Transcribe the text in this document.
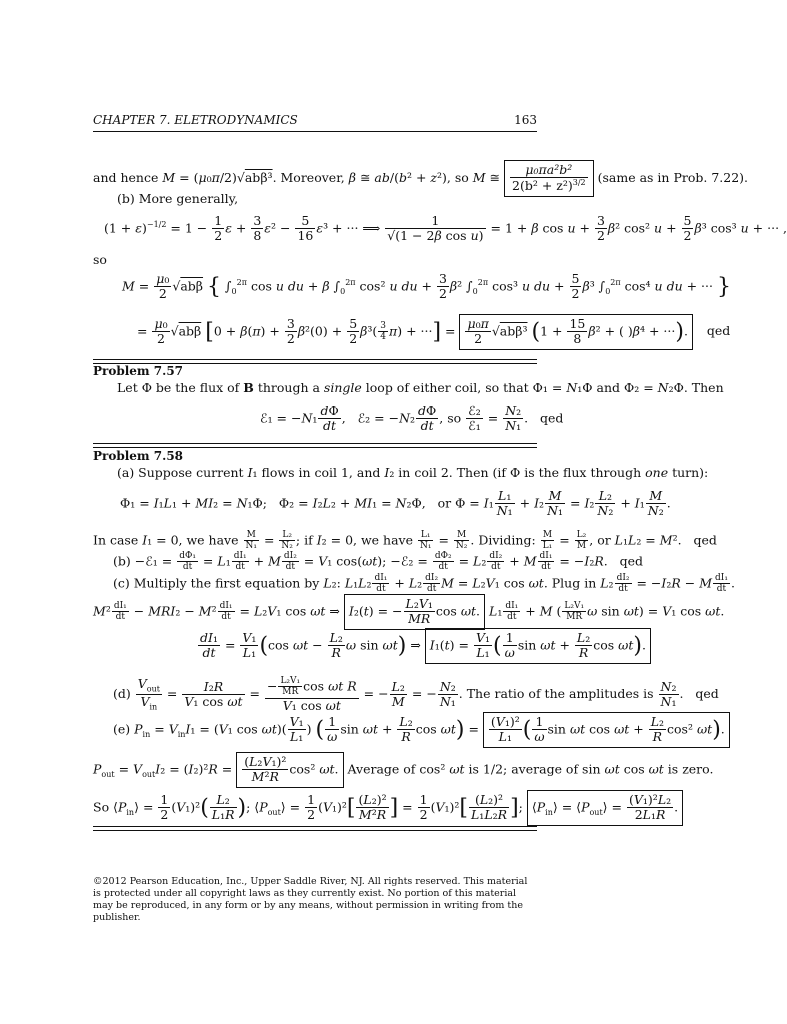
CHAPTER 7. ELETRODYNAMICS	163
and hence M = (μ₀π/2)√abβ³. Moreover, β ≅ ab/(b² + z²), so M ≅ $\frac{\text{μ₀πa²b²}}{2(b^2 + z^2)^{3/2}}$ (same as in Prob. 7.22).
(b) More generally,
$(1 + \varepsilon)^{-1/2} = 1 - \frac{1}{2}$ $\varepsilon + \frac{3}{8} \varepsilon^2 - \frac{5}{16} \varepsilon^3$ + ··· ⟹ $\frac{1}{\text{√(1 − 2β cos u)}} = 1 + \beta$ $\cos u + \frac{3}{2} \beta^2$ cos² $u + \frac{5}{2} \beta^3$ cos³ u + ··· ,
so
$M = \frac{\text{μ₀}}{2} √ab\beta$ { $\int_0^{2\pi}$ cos u du + β $\int_0^{2\pi}$ cos² u du + $\frac{3}{2} \beta^2$ $\int_0^{2\pi}$ cos³ u du + $\frac{5}{2} \beta^3$ $\int_0^{2\pi}$ cos⁴ u du + ··· }
= $\frac{\text{μ₀}}{2} √ab\beta$ [$0 + \beta(\pi) + \frac{3}{2} \beta^2(0) + \frac{5}{2} \beta^3( \frac{3}{4} \pi)$ + ···] = $\frac{\text{μ₀π}}{2} √ab\beta^3$ ($1 + \frac{15}{8} \beta^2$ + ( )β⁴ + ···). qed
Problem 7.57
Let Φ be the flux of B through a single loop of either coil, so that Φ₁ = N₁Φ and Φ₂ = N₂Φ. Then
ℰ₁ = $-N_1 \frac{d\Phi}{dt}$ ,   ℰ₂ = $-N_2 \frac{d\Phi}{dt}$ , so $\frac{\text{ℰ₂}}{\text{ℰ₁}} = \frac{\text{N₂}}{\text{N₁}}$ .   qed
Problem 7.58
(a) Suppose current I₁ flows in coil 1, and I₂ in coil 2. Then (if Φ is the flux through one turn):
Φ₁ = I₁L₁ + MI₂ = N₁Φ;   Φ₂ = I₂L₂ + MI₁ = N₂Φ,   or $\Phi = I_1 \frac{\text{L₁}}{\text{N₁}} + I_2 \frac{M}{\text{N₁}} = I_2 \frac{\text{L₂}}{\text{N₂}} + I_1 \frac{M}{\text{N₂}}$ .
In case I₁ = 0, we have $\frac{M}{\text{N₁}} = \frac{\text{L₂}}{\text{N₂}}$ ; if I₂ = 0, we have $\frac{\text{L₁}}{\text{N₁}} = \frac{M}{\text{N₂}}$ . Dividing: $\frac{M}{\text{L₁}} = \frac{\text{L₂}}{M}$ , or L₁L₂ = M².   qed
(b) −ℰ₁ = $\frac{\text{dΦ₁}}{dt} = L_1 \frac{\text{dI₁}}{dt} + M \frac{\text{dI₂}}{dt} = V_1$ cos(ωt); −ℰ₂ = $\frac{\text{dΦ₂}}{dt} = L_2 \frac{\text{dI₂}}{dt} + M \frac{\text{dI₁}}{dt} = -I_2R$.   qed
(c) Multiply the first equation by L₂: $L_1L_2 \frac{\text{dI₁}}{dt} + L_2 \frac{\text{dI₂}}{dt}$ M = L₂V₁ cos ωt. Plug in $L_2 \frac{\text{dI₂}}{dt} = -I_2R - M \frac{\text{dI₁}}{dt}$ .
$M^2 \frac{\text{dI₁}}{dt} - MRI_2 - M^2 \frac{\text{dI₁}}{dt} = L_2V_1$ cos ωt ⇒ I₂(t) = − $\frac{\text{L₂V₁}}{MR}$ cos ωt. $L_1 \frac{\text{dI₁}}{dt} + M$ ( $\frac{\text{L₂V₁}}{MR}$ ω sin ωt) = V₁ cos ωt.
$\frac{\text{dI₁}}{dt} = \frac{\text{V₁}}{\text{L₁}} (\cos$ $\omega t - \frac{\text{L₂}}{R}$ ω sin ωt) ⇒ $I_1(t) = \frac{\text{V₁}}{\text{L₁}}$ ( $\frac{1}{\omega}$ $\sin \omega t + \frac{\text{L₂}}{R}$ cos ωt).
$(d) \frac{V_{out}}{V_{in}} = \frac{\text{I₂R}}{\text{V₁ cos ωt}} = \frac{- \frac{\text{L₂V₁}}{MR} \cos \omega t R}{\text{V₁ cos ωt}}$ = − $\frac{\text{L₂}}{M}$ = − $\frac{\text{N₂}}{\text{N₁}}$ . The ratio of the amplitudes is $\frac{\text{N₂}}{\text{N₁}}$ .   qed
(e) $P_{in} = V_{in}I_1 = (V_1$ $\cos \omega t)( \frac{\text{V₁}}{\text{L₁}}$ ) ( $\frac{1}{\omega}$ $\sin \omega t + \frac{\text{L₂}}{R}$ $\cos \omega t) = \frac{\text{(V₁)²}}{\text{L₁}}$ ( $\frac{1}{\omega}$ sin ωt $\cos \omega t + \frac{\text{L₂}}{R} \cos^2$ ωt).
$P_{out} = V_{out}I_2 = (I_2)^2R = \frac{\text{(L₂V₁)²}}{\text{M²R}} \cos^2$ ωt. Average of cos² ωt is 1/2; average of sin ωt cos ωt is zero.
So $⟨P_{in}⟩ = \frac{1}{2} (V_1)^2( \frac{\text{L₂}}{\text{L₁R}}$ ); $⟨P_{out}⟩ = \frac{1}{2} (V_1)^2[ \frac{\text{(L₂)²}}{\text{M²R}}$ ] = $\frac{1}{2} (V_1)^2[ \frac{\text{(L₂)²}}{\text{L₁L₂R}}$ ]; $⟨P_{in}⟩$ = $⟨P_{out}⟩ = \frac{\text{(V₁)²L₂}}{\text{2L₁R}}$ .
©2012 Pearson Education, Inc., Upper Saddle River, NJ. All rights reserved. This material is protected under all copyright laws as they currently exist. No portion of this material may be reproduced, in any form or by any means, without permission in writing from the publisher.
